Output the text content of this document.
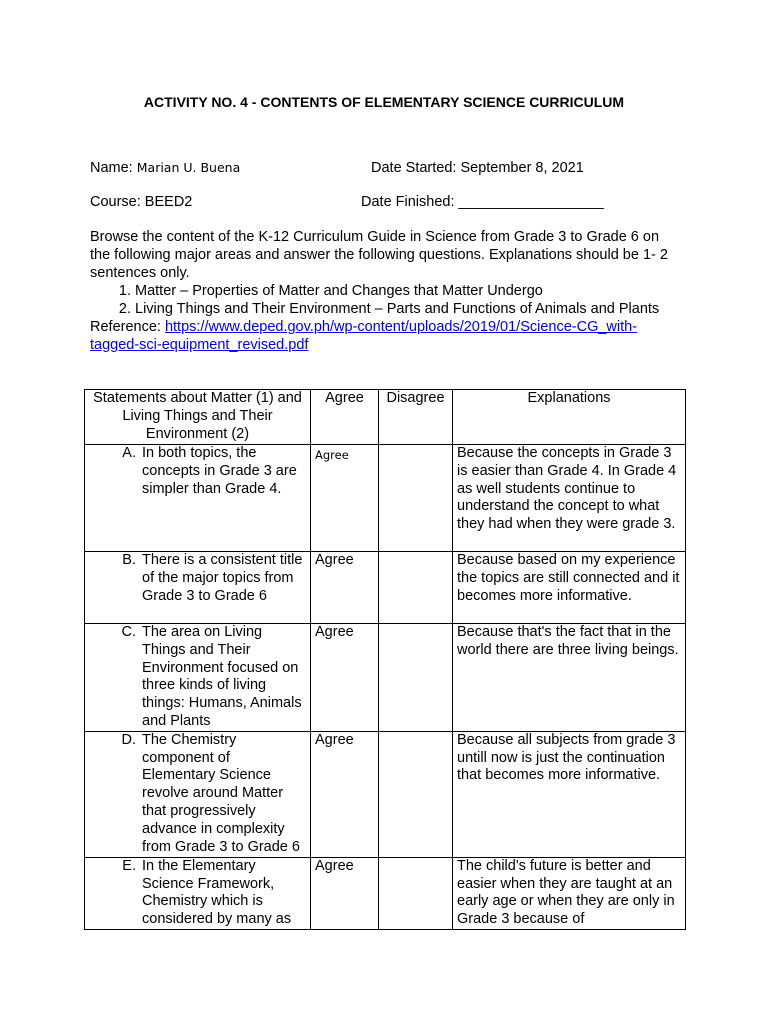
ACTIVITY NO. 4 - CONTENTS OF ELEMENTARY SCIENCE CURRICULUM
Name: Marian U. Buena	Date Started: September 8, 2021
Course: BEED2	Date Finished: __________________

Browse the content of the K-12 Curriculum Guide in Science from Grade 3 to Grade 6 on the following major areas and answer the following questions. Explanations should be 1- 2 sentences only.

1. Matter – Properties of Matter and Changes that Matter Undergo
2. Living Things and Their Environment – Parts and Functions of Animals and Plants

Reference: https://www.deped.gov.ph/wp-content/uploads/2019/01/Science-CG_with-tagged-sci-equipment_revised.pdf

Statements about Matter (1) and Living Things and Their Environment (2)	Agree	Disagree	Explanations

A. In both topics, the concepts in Grade 3 are simpler than Grade 4.	Agree		Because the concepts in Grade 3 is easier than Grade 4. In Grade 4 as well students continue to understand the concept to what they had when they were grade 3.

B. There is a consistent title of the major topics from Grade 3 to Grade 6	Agree		Because based on my experience the topics are still connected and it becomes more informative.

C. The area on Living Things and Their Environment focused on three kinds of living things: Humans, Animals and Plants	Agree		Because that's the fact that in the world there are three living beings.

D. The Chemistry component of Elementary Science revolve around Matter that progressively advance in complexity from Grade 3 to Grade 6	Agree		Because all subjects from grade 3 untill now is just the continuation that becomes more informative.

E. In the Elementary Science Framework, Chemistry which is considered by many as	Agree		The child's future is better and easier when they are taught at an early age or when they are only in Grade 3 because of
